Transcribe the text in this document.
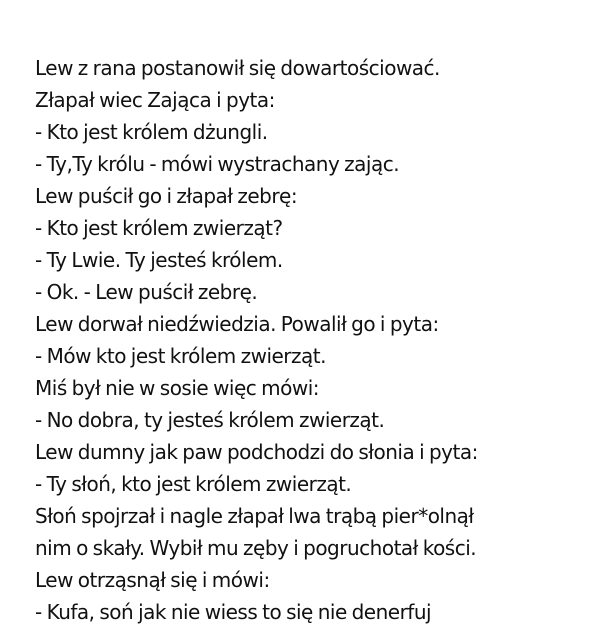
Lew z rana postanowił się dowartościować.
Złapał wiec Zająca i pyta:
- Kto jest królem dżungli.
- Ty,Ty królu - mówi wystrachany zając.
Lew puścił go i złapał zebrę:
- Kto jest królem zwierząt?
- Ty Lwie. Ty jesteś królem.
- Ok. - Lew puścił zebrę.
Lew dorwał niedźwiedzia. Powalił go i pyta:
- Mów kto jest królem zwierząt.
Miś był nie w sosie więc mówi:
- No dobra, ty jesteś królem zwierząt.
Lew dumny jak paw podchodzi do słonia i pyta:
- Ty słoń, kto jest królem zwierząt.
Słoń spojrzał i nagle złapał lwa trąbą pier*olnął
nim o skały. Wybił mu zęby i pogruchotał kości.
Lew otrząsnął się i mówi:
- Kufa, soń jak nie wiess to się nie denerfuj
